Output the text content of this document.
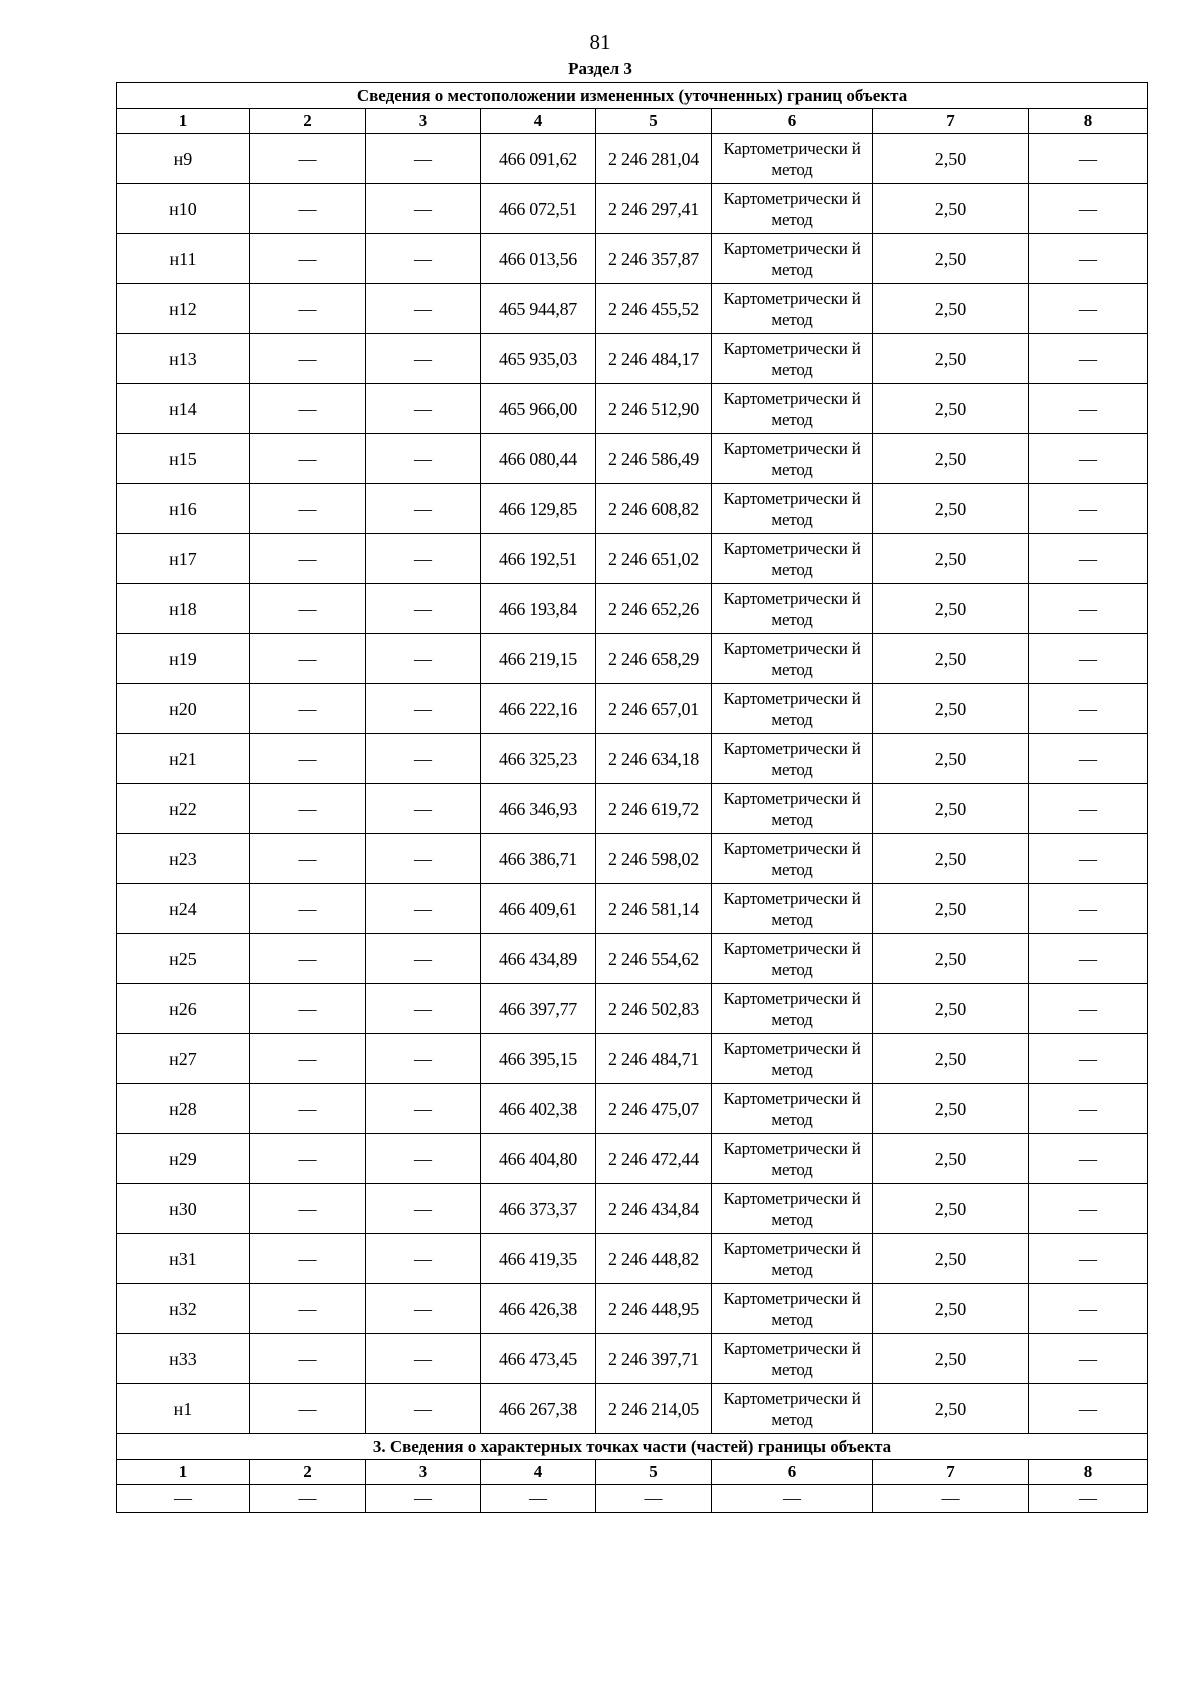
81
Раздел 3
Сведения о местоположении измененных (уточненных) границ объекта							
1	2	3	4	5	6	7	8
н9	—	—	466 091,62	2 246 281,04	Картометрически й метод	2,50	—
н10	—	—	466 072,51	2 246 297,41	Картометрически й метод	2,50	—
н11	—	—	466 013,56	2 246 357,87	Картометрически й метод	2,50	—
н12	—	—	465 944,87	2 246 455,52	Картометрически й метод	2,50	—
н13	—	—	465 935,03	2 246 484,17	Картометрически й метод	2,50	—
н14	—	—	465 966,00	2 246 512,90	Картометрически й метод	2,50	—
н15	—	—	466 080,44	2 246 586,49	Картометрически й метод	2,50	—
н16	—	—	466 129,85	2 246 608,82	Картометрически й метод	2,50	—
н17	—	—	466 192,51	2 246 651,02	Картометрически й метод	2,50	—
н18	—	—	466 193,84	2 246 652,26	Картометрически й метод	2,50	—
н19	—	—	466 219,15	2 246 658,29	Картометрически й метод	2,50	—
н20	—	—	466 222,16	2 246 657,01	Картометрически й метод	2,50	—
н21	—	—	466 325,23	2 246 634,18	Картометрически й метод	2,50	—
н22	—	—	466 346,93	2 246 619,72	Картометрически й метод	2,50	—
н23	—	—	466 386,71	2 246 598,02	Картометрически й метод	2,50	—
н24	—	—	466 409,61	2 246 581,14	Картометрически й метод	2,50	—
н25	—	—	466 434,89	2 246 554,62	Картометрически й метод	2,50	—
н26	—	—	466 397,77	2 246 502,83	Картометрически й метод	2,50	—
н27	—	—	466 395,15	2 246 484,71	Картометрически й метод	2,50	—
н28	—	—	466 402,38	2 246 475,07	Картометрически й метод	2,50	—
н29	—	—	466 404,80	2 246 472,44	Картометрически й метод	2,50	—
н30	—	—	466 373,37	2 246 434,84	Картометрически й метод	2,50	—
н31	—	—	466 419,35	2 246 448,82	Картометрически й метод	2,50	—
н32	—	—	466 426,38	2 246 448,95	Картометрически й метод	2,50	—
н33	—	—	466 473,45	2 246 397,71	Картометрически й метод	2,50	—
н1	—	—	466 267,38	2 246 214,05	Картометрически й метод	2,50	—
3. Сведения о характерных точках части (частей) границы объекта							
1	2	3	4	5	6	7	8
—	—	—	—	—	—	—	—
